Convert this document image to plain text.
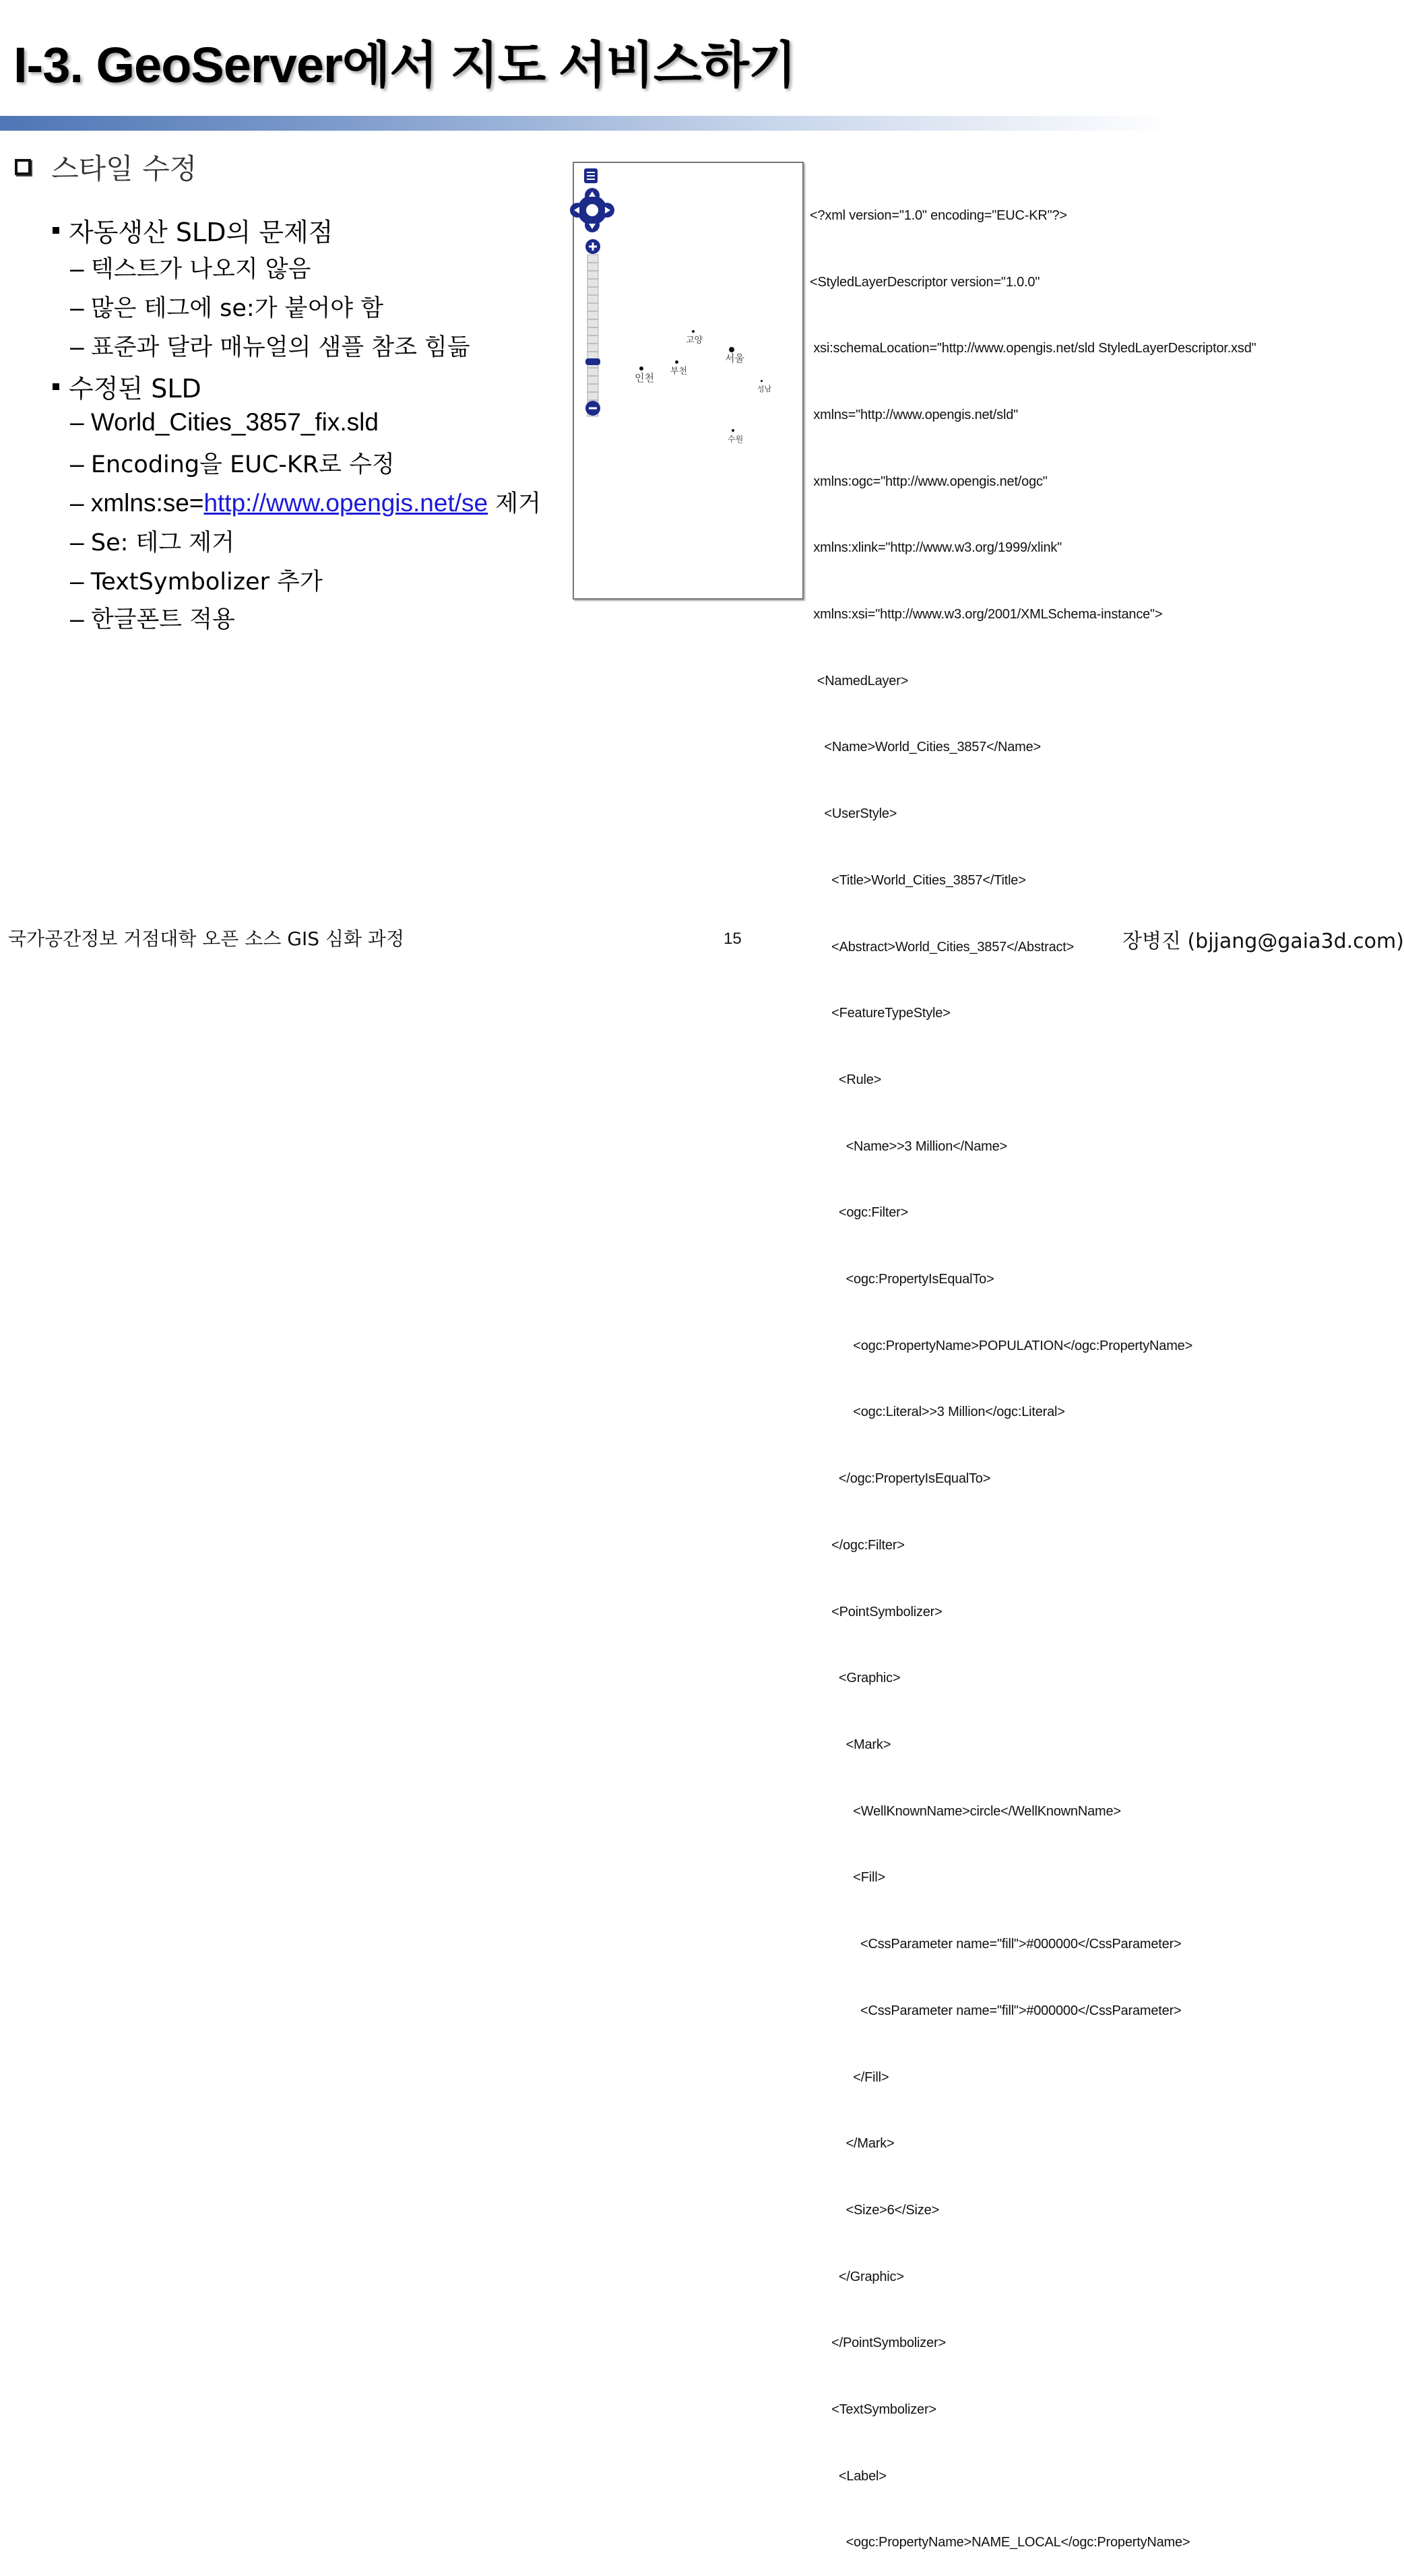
I-3. GeoServer에서 지도 서비스하기
스타일 수정
자동생산 SLD의 문제점
– 텍스트가 나오지 않음
– 많은 테그에 se:가 붙어야 함
– 표준과 달라 매뉴얼의 샘플 참조 힘듦
수정된 SLD
– World_Cities_3857_fix.sld
– Encoding을 EUC-KR로 수정
– xmlns:se=http://www.opengis.net/se 제거
– Se: 테그 제거
– TextSymbolizer 추가
– 한글폰트 적용
고양
서울
부천
인천
성남
수원

<?xml version="1.0" encoding="EUC-KR"?>

<StyledLayerDescriptor version="1.0.0"

xsi:schemaLocation="http://www.opengis.net/sld StyledLayerDescriptor.xsd"

xmlns="http://www.opengis.net/sld"

xmlns:ogc="http://www.opengis.net/ogc"

xmlns:xlink="http://www.w3.org/1999/xlink"

xmlns:xsi="http://www.w3.org/2001/XMLSchema-instance">

<NamedLayer>

<Name>World_Cities_3857</Name>

<UserStyle>

<Title>World_Cities_3857</Title>

<Abstract>World_Cities_3857</Abstract>

<FeatureTypeStyle>

<Rule>

<Name>>3 Million</Name>

<ogc:Filter>

<ogc:PropertyIsEqualTo>

<ogc:PropertyName>POPULATION</ogc:PropertyName>

<ogc:Literal>>3 Million</ogc:Literal>

</ogc:PropertyIsEqualTo>

</ogc:Filter>

<PointSymbolizer>

<Graphic>

<Mark>

<WellKnownName>circle</WellKnownName>

<Fill>

<CssParameter name="fill">#000000</CssParameter>

<CssParameter name="fill">#000000</CssParameter>

</Fill>

</Mark>

<Size>6</Size>

</Graphic>

</PointSymbolizer>

<TextSymbolizer>

<Label>

<ogc:PropertyName>NAME_LOCAL</ogc:PropertyName>

국가공간정보 거점대학 오픈 소스 GIS 심화 과정	15	장병진 (bjjang@gaia3d.com)
